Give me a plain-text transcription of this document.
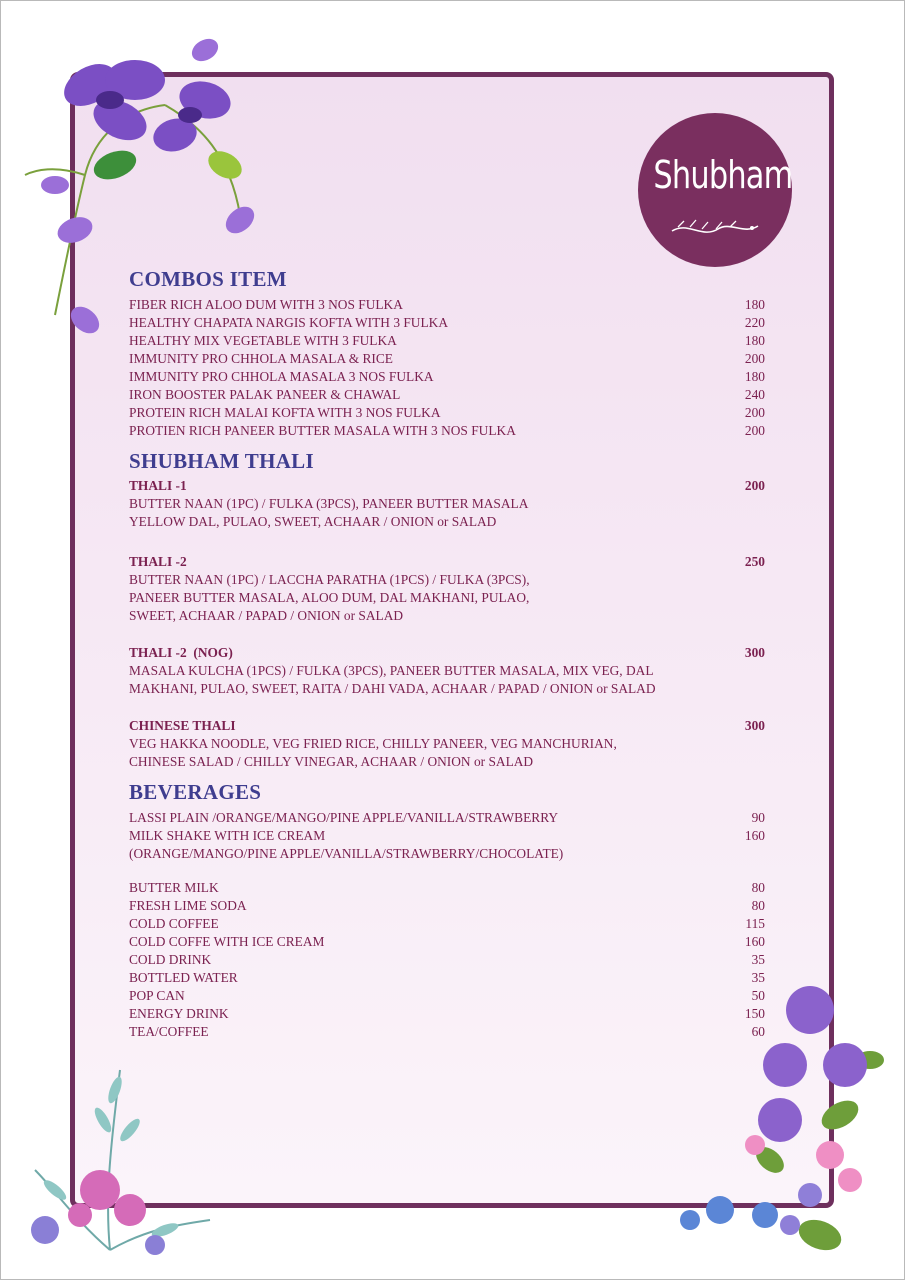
Shubham
COMBOS ITEM
FIBER RICH ALOO DUM WITH 3 NOS FULKA	180
HEALTHY CHAPATA NARGIS KOFTA WITH 3 FULKA	220
HEALTHY MIX VEGETABLE WITH 3 FULKA	180
IMMUNITY PRO CHHOLA MASALA & RICE	200
IMMUNITY PRO CHHOLA MASALA 3 NOS FULKA	180
IRON BOOSTER PALAK PANEER & CHAWAL	240
PROTEIN RICH MALAI KOFTA WITH 3 NOS FULKA	200
PROTIEN RICH PANEER BUTTER MASALA WITH 3 NOS FULKA	200
SHUBHAM THALI
THALI -1	200
BUTTER NAAN (1PC) / FULKA (3PCS), PANEER BUTTER MASALA
YELLOW DAL, PULAO, SWEET, ACHAAR / ONION or SALAD
THALI -2	250
BUTTER NAAN (1PC) / LACCHA PARATHA (1PCS) / FULKA (3PCS),
PANEER BUTTER MASALA, ALOO DUM, DAL MAKHANI, PULAO,
SWEET, ACHAAR / PAPAD / ONION or SALAD
THALI -2  (NOG)	300
MASALA KULCHA (1PCS) / FULKA (3PCS), PANEER BUTTER MASALA, MIX VEG, DAL
MAKHANI, PULAO, SWEET, RAITA / DAHI VADA, ACHAAR / PAPAD / ONION or SALAD
CHINESE THALI	300
VEG HAKKA NOODLE, VEG FRIED RICE, CHILLY PANEER, VEG MANCHURIAN,
CHINESE SALAD / CHILLY VINEGAR, ACHAAR / ONION or SALAD
BEVERAGES
LASSI PLAIN /ORANGE/MANGO/PINE APPLE/VANILLA/STRAWBERRY	90
MILK SHAKE WITH ICE CREAM	160
(ORANGE/MANGO/PINE APPLE/VANILLA/STRAWBERRY/CHOCOLATE)
BUTTER MILK	80
FRESH LIME SODA	80
COLD COFFEE	115
COLD COFFE WITH ICE CREAM	160
COLD DRINK	35
BOTTLED WATER	35
POP CAN	50
ENERGY DRINK	150
TEA/COFFEE	60
